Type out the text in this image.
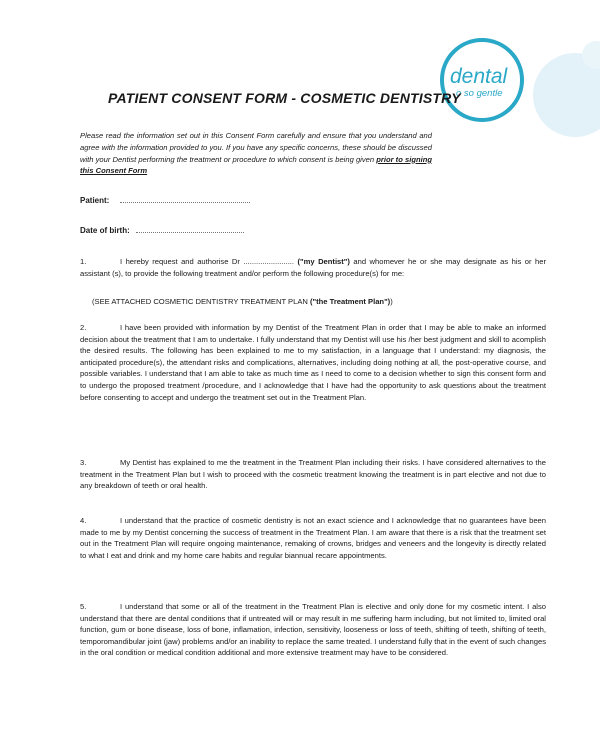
dental
o so gentle
PATIENT CONSENT FORM - COSMETIC DENTISTRY
Please read the information set out in this Consent Form carefully and ensure that you understand and agree with the information provided to you. If you have any specific concerns, these should be discussed with your Dentist performing the treatment or procedure to which consent is being given prior to signing this Consent Form
Patient:
Date of birth:
1.	I hereby request and authorise Dr ........................ ("my Dentist") and whomever he or she may designate as his or her assistant (s), to provide the following treatment and/or perform the following procedure(s) for me:
(SEE ATTACHED COSMETIC DENTISTRY TREATMENT PLAN ("the Treatment Plan"))
2.	I have been provided with information by my Dentist of the Treatment Plan in order that I may be able to make an informed decision about the treatment that I am to undertake. I fully understand that my Dentist will use his /her best judgment and skill to acomplish the desired results. The following has been explained to me to my satisfaction, in a language that I understand: my diagnosis, the anticipated procedure(s), the attendant risks and complications, alternatives, including doing nothing at all, the post-operative course, and possible variables. I understand that I am able to take as much time as I need to come to a decision whether to sign this consent form and to undergo the proposed treatment /procedure, and I acknowledge that I have had the opportunity to ask questions about the treatment before consenting to accept and undergo the treatment set out in the Treatment Plan.
3.	My Dentist has explained to me the treatment in the Treatment Plan including their risks. I have considered alternatives to the treatment in the Treatment Plan but I wish to proceed with the cosmetic treatment knowing the treatment is in part elective and not due to any breakdown of teeth or oral health.
4.	I understand that the practice of cosmetic dentistry is not an exact science and I acknowledge that no guarantees have been made to me by my Dentist concerning the success of treatment in the Treatment Plan. I am aware that there is a risk that the treatment set out in the Treatment Plan will require ongoing maintenance, remaking of crowns, bridges and veneers and the longevity is directly related to what I eat and drink and my home care habits and regular biannual recare appointments.
5.	I understand that some or all of the treatment in the Treatment Plan is elective and only done for my cosmetic intent. I also understand that there are dental conditions that if untreated will or may result in me suffering harm including, but not limited to, limited oral function, gum or bone disease, loss of bone, inflamation, infection, sensitivity, looseness or loss of teeth, shifting of teeth, shifting of teeth, temporomandibular joint (jaw) problems and/or an inability to replace the same treated. I understand fully that in the event of such changes in the oral condition or medical condition additional and more extensive treatment may have to be considered.
